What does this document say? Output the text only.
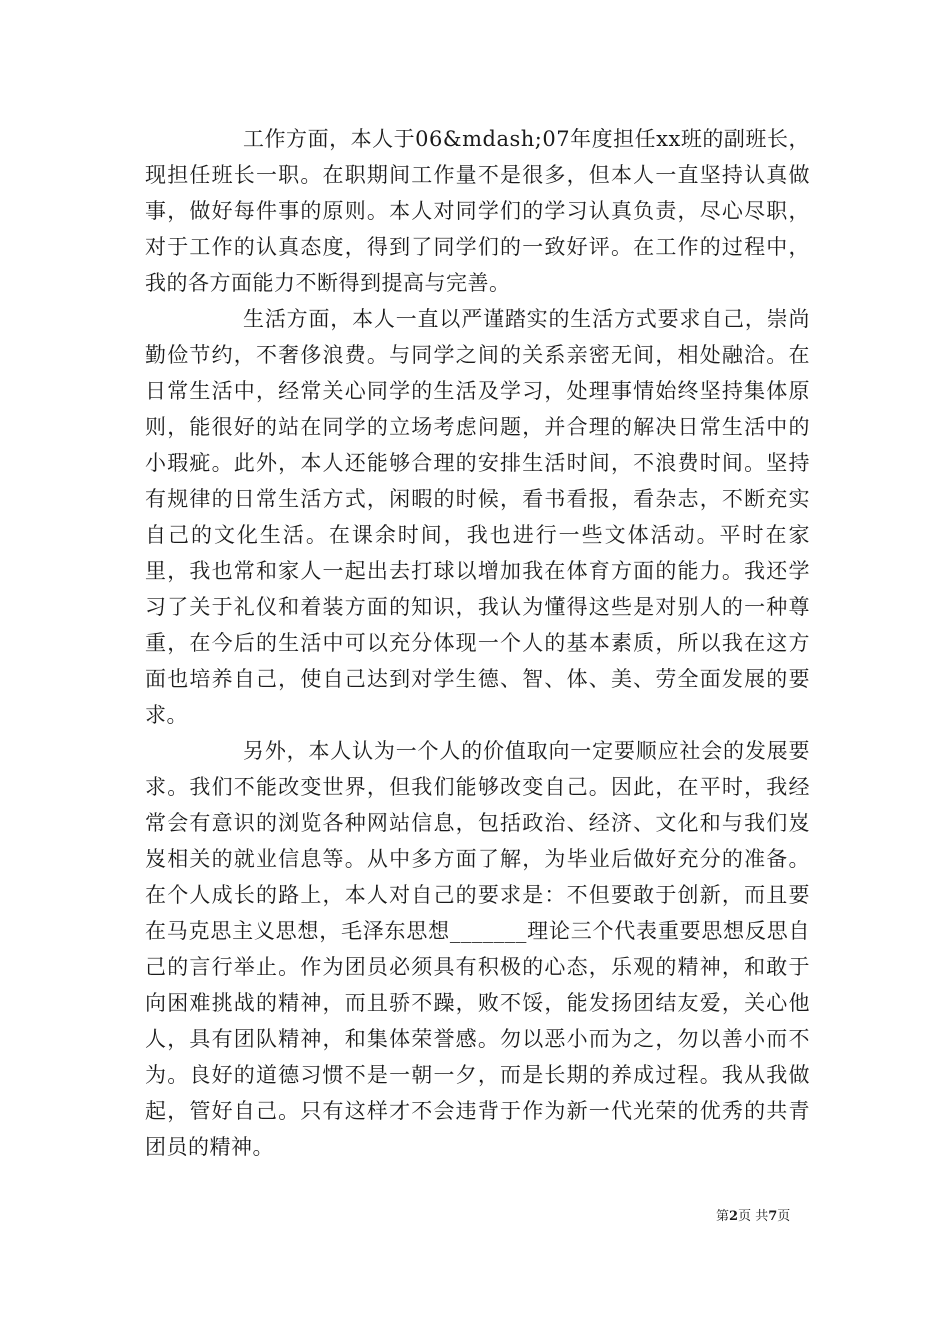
工作方面，本人于06&mdash;07年度担任xx班的副班长，现担任班长一职。在职期间工作量不是很多，但本人一直坚持认真做事，做好每件事的原则。本人对同学们的学习认真负责，尽心尽职，对于工作的认真态度，得到了同学们的一致好评。在工作的过程中，我的各方面能力不断得到提高与完善。

生活方面，本人一直以严谨踏实的生活方式要求自己，崇尚勤俭节约，不奢侈浪费。与同学之间的关系亲密无间，相处融洽。在日常生活中，经常关心同学的生活及学习，处理事情始终坚持集体原则，能很好的站在同学的立场考虑问题，并合理的解决日常生活中的小瑕疵。此外，本人还能够合理的安排生活时间，不浪费时间。坚持有规律的日常生活方式，闲暇的时候，看书看报，看杂志，不断充实自己的文化生活。在课余时间，我也进行一些文体活动。平时在家里，我也常和家人一起出去打球以增加我在体育方面的能力。我还学习了关于礼仪和着装方面的知识，我认为懂得这些是对别人的一种尊重，在今后的生活中可以充分体现一个人的基本素质，所以我在这方面也培养自己，使自己达到对学生德、智、体、美、劳全面发展的要求。

另外，本人认为一个人的价值取向一定要顺应社会的发展要求。我们不能改变世界，但我们能够改变自己。因此，在平时，我经常会有意识的浏览各种网站信息，包括政治、经济、文化和与我们岌岌相关的就业信息等。从中多方面了解，为毕业后做好充分的准备。在个人成长的路上，本人对自己的要求是：不但要敢于创新，而且要在马克思主义思想，毛泽东思想_______理论三个代表重要思想反思自己的言行举止。作为团员必须具有积极的心态，乐观的精神，和敢于向困难挑战的精神，而且骄不躁，败不馁，能发扬团结友爱，关心他人，具有团队精神，和集体荣誉感。勿以恶小而为之，勿以善小而不为。良好的道德习惯不是一朝一夕，而是长期的养成过程。我从我做起，管好自己。只有这样才不会违背于作为新一代光荣的优秀的共青团员的精神。

第2页 共7页
